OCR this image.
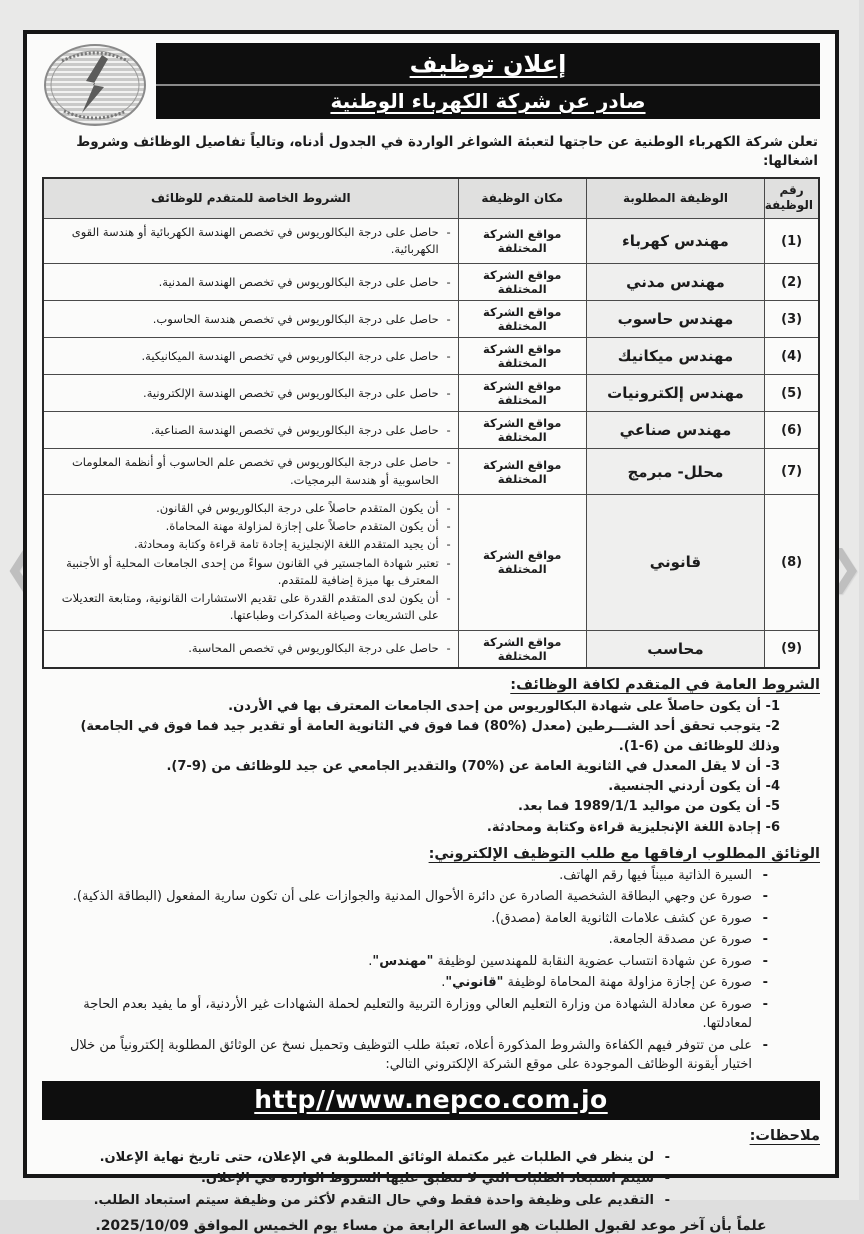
❮
❯
إعلان توظيف
صادر عن شركة الكهرباء الوطنية

تعلن شركة الكهرباء الوطنية عن حاجتها لتعبئة الشواغر الواردة في الجدول أدناه، وتالياً تفاصيل الوظائف وشروط اشغالها:

رقم الوظيفة	الوظيفة المطلوبة	مكان الوظيفة	الشروط الخاصة للمتقدم للوظائف
(1)	مهندس كهرباء	مواقع الشركة المختلفة	
- حاصل على درجة البكالوريوس في تخصص الهندسة الكهربائية أو هندسة القوى الكهربائية.

(2)	مهندس مدني	مواقع الشركة المختلفة	
- حاصل على درجة البكالوريوس في تخصص الهندسة المدنية.

(3)	مهندس حاسوب	مواقع الشركة المختلفة	
- حاصل على درجة البكالوريوس في تخصص هندسة الحاسوب.

(4)	مهندس ميكانيك	مواقع الشركة المختلفة	
- حاصل على درجة البكالوريوس في تخصص الهندسة الميكانيكية.

(5)	مهندس إلكترونيات	مواقع الشركة المختلفة	
- حاصل على درجة البكالوريوس في تخصص الهندسة الإلكترونية.

(6)	مهندس صناعي	مواقع الشركة المختلفة	
- حاصل على درجة البكالوريوس في تخصص الهندسة الصناعية.

(7)	محلل- مبرمج	مواقع الشركة المختلفة	
- حاصل على درجة البكالوريوس في تخصص علم الحاسوب أو أنظمة المعلومات الحاسوبية أو هندسة البرمجيات.

(8)	قانوني	مواقع الشركة المختلفة	
- أن يكون المتقدم حاصلاً على درجة البكالوريوس في القانون.
- أن يكون المتقدم حاصلاً على إجازة لمزاولة مهنة المحاماة.
- أن يجيد المتقدم اللغة الإنجليزية إجادة تامة قراءة وكتابة ومحادثة.
- تعتبر شهادة الماجستير في القانون سواءً من إحدى الجامعات المحلية أو الأجنبية المعترف بها ميزة إضافية للمتقدم.
- أن يكون لدى المتقدم القدرة على تقديم الاستشارات القانونية، ومتابعة التعديلات على التشريعات وصياغة المذكرات وطباعتها.

(9)	محاسب	مواقع الشركة المختلفة	
- حاصل على درجة البكالوريوس في تخصص المحاسبة.
الشروط العامة في المتقدم لكافة الوظائف:
1- أن يكون حاصلاً على شهادة البكالوريوس من إحدى الجامعات المعترف بها في الأردن.
2- يتوجب تحقق أحد الشـــرطين (معدل (%80) فما فوق في الثانوية العامة أو تقدير جيد فما فوق في الجامعة) وذلك للوظائف من (6-1).
3- أن لا يقل المعدل في الثانوية العامة عن (%70) والتقدير الجامعي عن جيد للوظائف من (9-7).
4- أن يكون أردني الجنسية.
5- أن يكون من مواليد 1989/1/1 فما بعد.
6- إجادة اللغة الإنجليزية قراءة وكتابة ومحادثة.
الوثائق المطلوب ارفاقها مع طلب التوظيف الإلكتروني:
- السيرة الذاتية مبيناً فيها رقم الهاتف.
- صورة عن وجهي البطاقة الشخصية الصادرة عن دائرة الأحوال المدنية والجوازات على أن تكون سارية المفعول (البطاقة الذكية).
- صورة عن كشف علامات الثانوية العامة (مصدق).
- صورة عن مصدقة الجامعة.
- صورة عن شهادة انتساب عضوية النقابة للمهندسين لوظيفة "مهندس".
- صورة عن إجازة مزاولة مهنة المحاماة لوظيفة "قانوني".
- صورة عن معادلة الشهادة من وزارة التعليم العالي ووزارة التربية والتعليم لحملة الشهادات غير الأردنية، أو ما يفيد بعدم الحاجة لمعادلتها.
- على من تتوفر فيهم الكفاءة والشروط المذكورة أعلاه، تعبئة طلب التوظيف وتحميل نسخ عن الوثائق المطلوبة إلكترونياً من خلال اختيار أيقونة الوظائف الموجودة على موقع الشركة الإلكتروني التالي:
http//www.nepco.com.jo
ملاحظات:
- لن ينظر في الطلبات غير مكتملة الوثائق المطلوبة في الإعلان، حتى تاريخ نهاية الإعلان.
- سيتم استبعاد الطلبات التي لا تنطبق عليها الشروط الواردة في الإعلان.
- التقديم على وظيفة واحدة فقط وفي حال التقدم لأكثر من وظيفة سيتم استبعاد الطلب.

علماً بأن آخر موعد لقبول الطلبات هو الساعة الرابعة من مساء يوم الخميس الموافق 2025/10/09.
